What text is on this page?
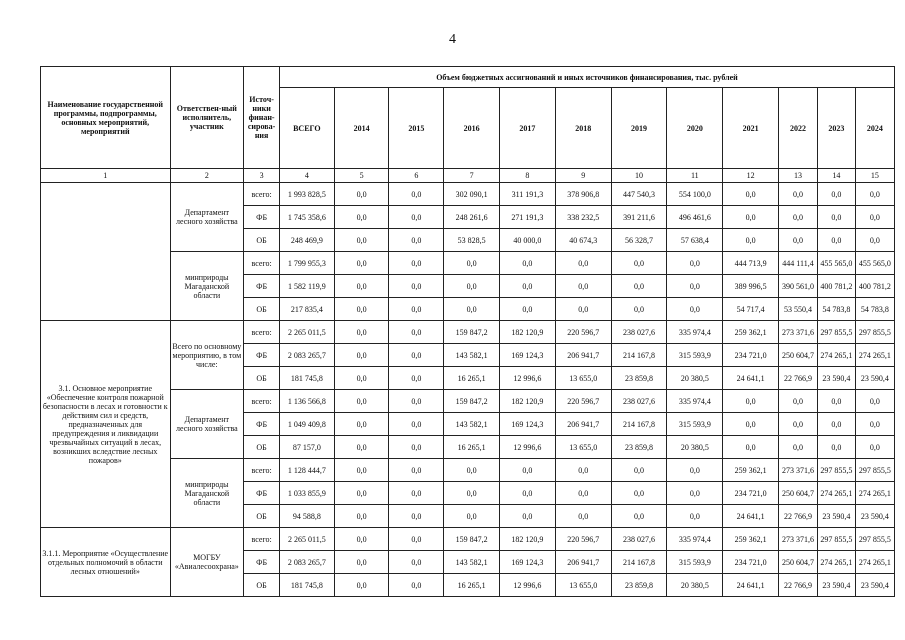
4
Наименование государственной программы, подпрограммы, основных мероприятий, мероприятий	Ответствен-ный исполнитель, участник	Источ-ники финан-сирова-ния	Объем бюджетных ассигнований и иных источников финансирования, тыс. рублей											
			ВСЕГО	2014	2015	2016	2017	2018	2019	2020	2021	2022	2023	2024
1	2	3	4	5	6	7	8	9	10	11	12	13	14	15
	Департамент лесного хозяйства	всего:	1 993 828,5	0,0	0,0	302 090,1	311 191,3	378 906,8	447 540,3	554 100,0	0,0	0,0	0,0	0,0
		ФБ	1 745 358,6	0,0	0,0	248 261,6	271 191,3	338 232,5	391 211,6	496 461,6	0,0	0,0	0,0	0,0
		ОБ	248 469,9	0,0	0,0	53 828,5	40 000,0	40 674,3	56 328,7	57 638,4	0,0	0,0	0,0	0,0
	минприроды Магаданской области	всего:	1 799 955,3	0,0	0,0	0,0	0,0	0,0	0,0	0,0	444 713,9	444 111,4	455 565,0	455 565,0
		ФБ	1 582 119,9	0,0	0,0	0,0	0,0	0,0	0,0	0,0	389 996,5	390 561,0	400 781,2	400 781,2
		ОБ	217 835,4	0,0	0,0	0,0	0,0	0,0	0,0	0,0	54 717,4	53 550,4	54 783,8	54 783,8
3.1. Основное мероприятие «Обеспечение контроля пожарной безопасности в лесах и готовности к действиям сил и средств, предназначенных для предупреждения и ликвидации чрезвычайных ситуаций в лесах, возникших вследствие лесных пожаров»	Всего по основному мероприятию, в том числе:	всего:	2 265 011,5	0,0	0,0	159 847,2	182 120,9	220 596,7	238 027,6	335 974,4	259 362,1	273 371,6	297 855,5	297 855,5
		ФБ	2 083 265,7	0,0	0,0	143 582,1	169 124,3	206 941,7	214 167,8	315 593,9	234 721,0	250 604,7	274 265,1	274 265,1
		ОБ	181 745,8	0,0	0,0	16 265,1	12 996,6	13 655,0	23 859,8	20 380,5	24 641,1	22 766,9	23 590,4	23 590,4
	Департамент лесного хозяйства	всего:	1 136 566,8	0,0	0,0	159 847,2	182 120,9	220 596,7	238 027,6	335 974,4	0,0	0,0	0,0	0,0
		ФБ	1 049 409,8	0,0	0,0	143 582,1	169 124,3	206 941,7	214 167,8	315 593,9	0,0	0,0	0,0	0,0
		ОБ	87 157,0	0,0	0,0	16 265,1	12 996,6	13 655,0	23 859,8	20 380,5	0,0	0,0	0,0	0,0
	минприроды Магаданской области	всего:	1 128 444,7	0,0	0,0	0,0	0,0	0,0	0,0	0,0	259 362,1	273 371,6	297 855,5	297 855,5
		ФБ	1 033 855,9	0,0	0,0	0,0	0,0	0,0	0,0	0,0	234 721,0	250 604,7	274 265,1	274 265,1
		ОБ	94 588,8	0,0	0,0	0,0	0,0	0,0	0,0	0,0	24 641,1	22 766,9	23 590,4	23 590,4
3.1.1. Мероприятие «Осуществление отдельных полномочий в области лесных отношений»	МОГБУ «Авиалесоохрана»	всего:	2 265 011,5	0,0	0,0	159 847,2	182 120,9	220 596,7	238 027,6	335 974,4	259 362,1	273 371,6	297 855,5	297 855,5
		ФБ	2 083 265,7	0,0	0,0	143 582,1	169 124,3	206 941,7	214 167,8	315 593,9	234 721,0	250 604,7	274 265,1	274 265,1
		ОБ	181 745,8	0,0	0,0	16 265,1	12 996,6	13 655,0	23 859,8	20 380,5	24 641,1	22 766,9	23 590,4	23 590,4
